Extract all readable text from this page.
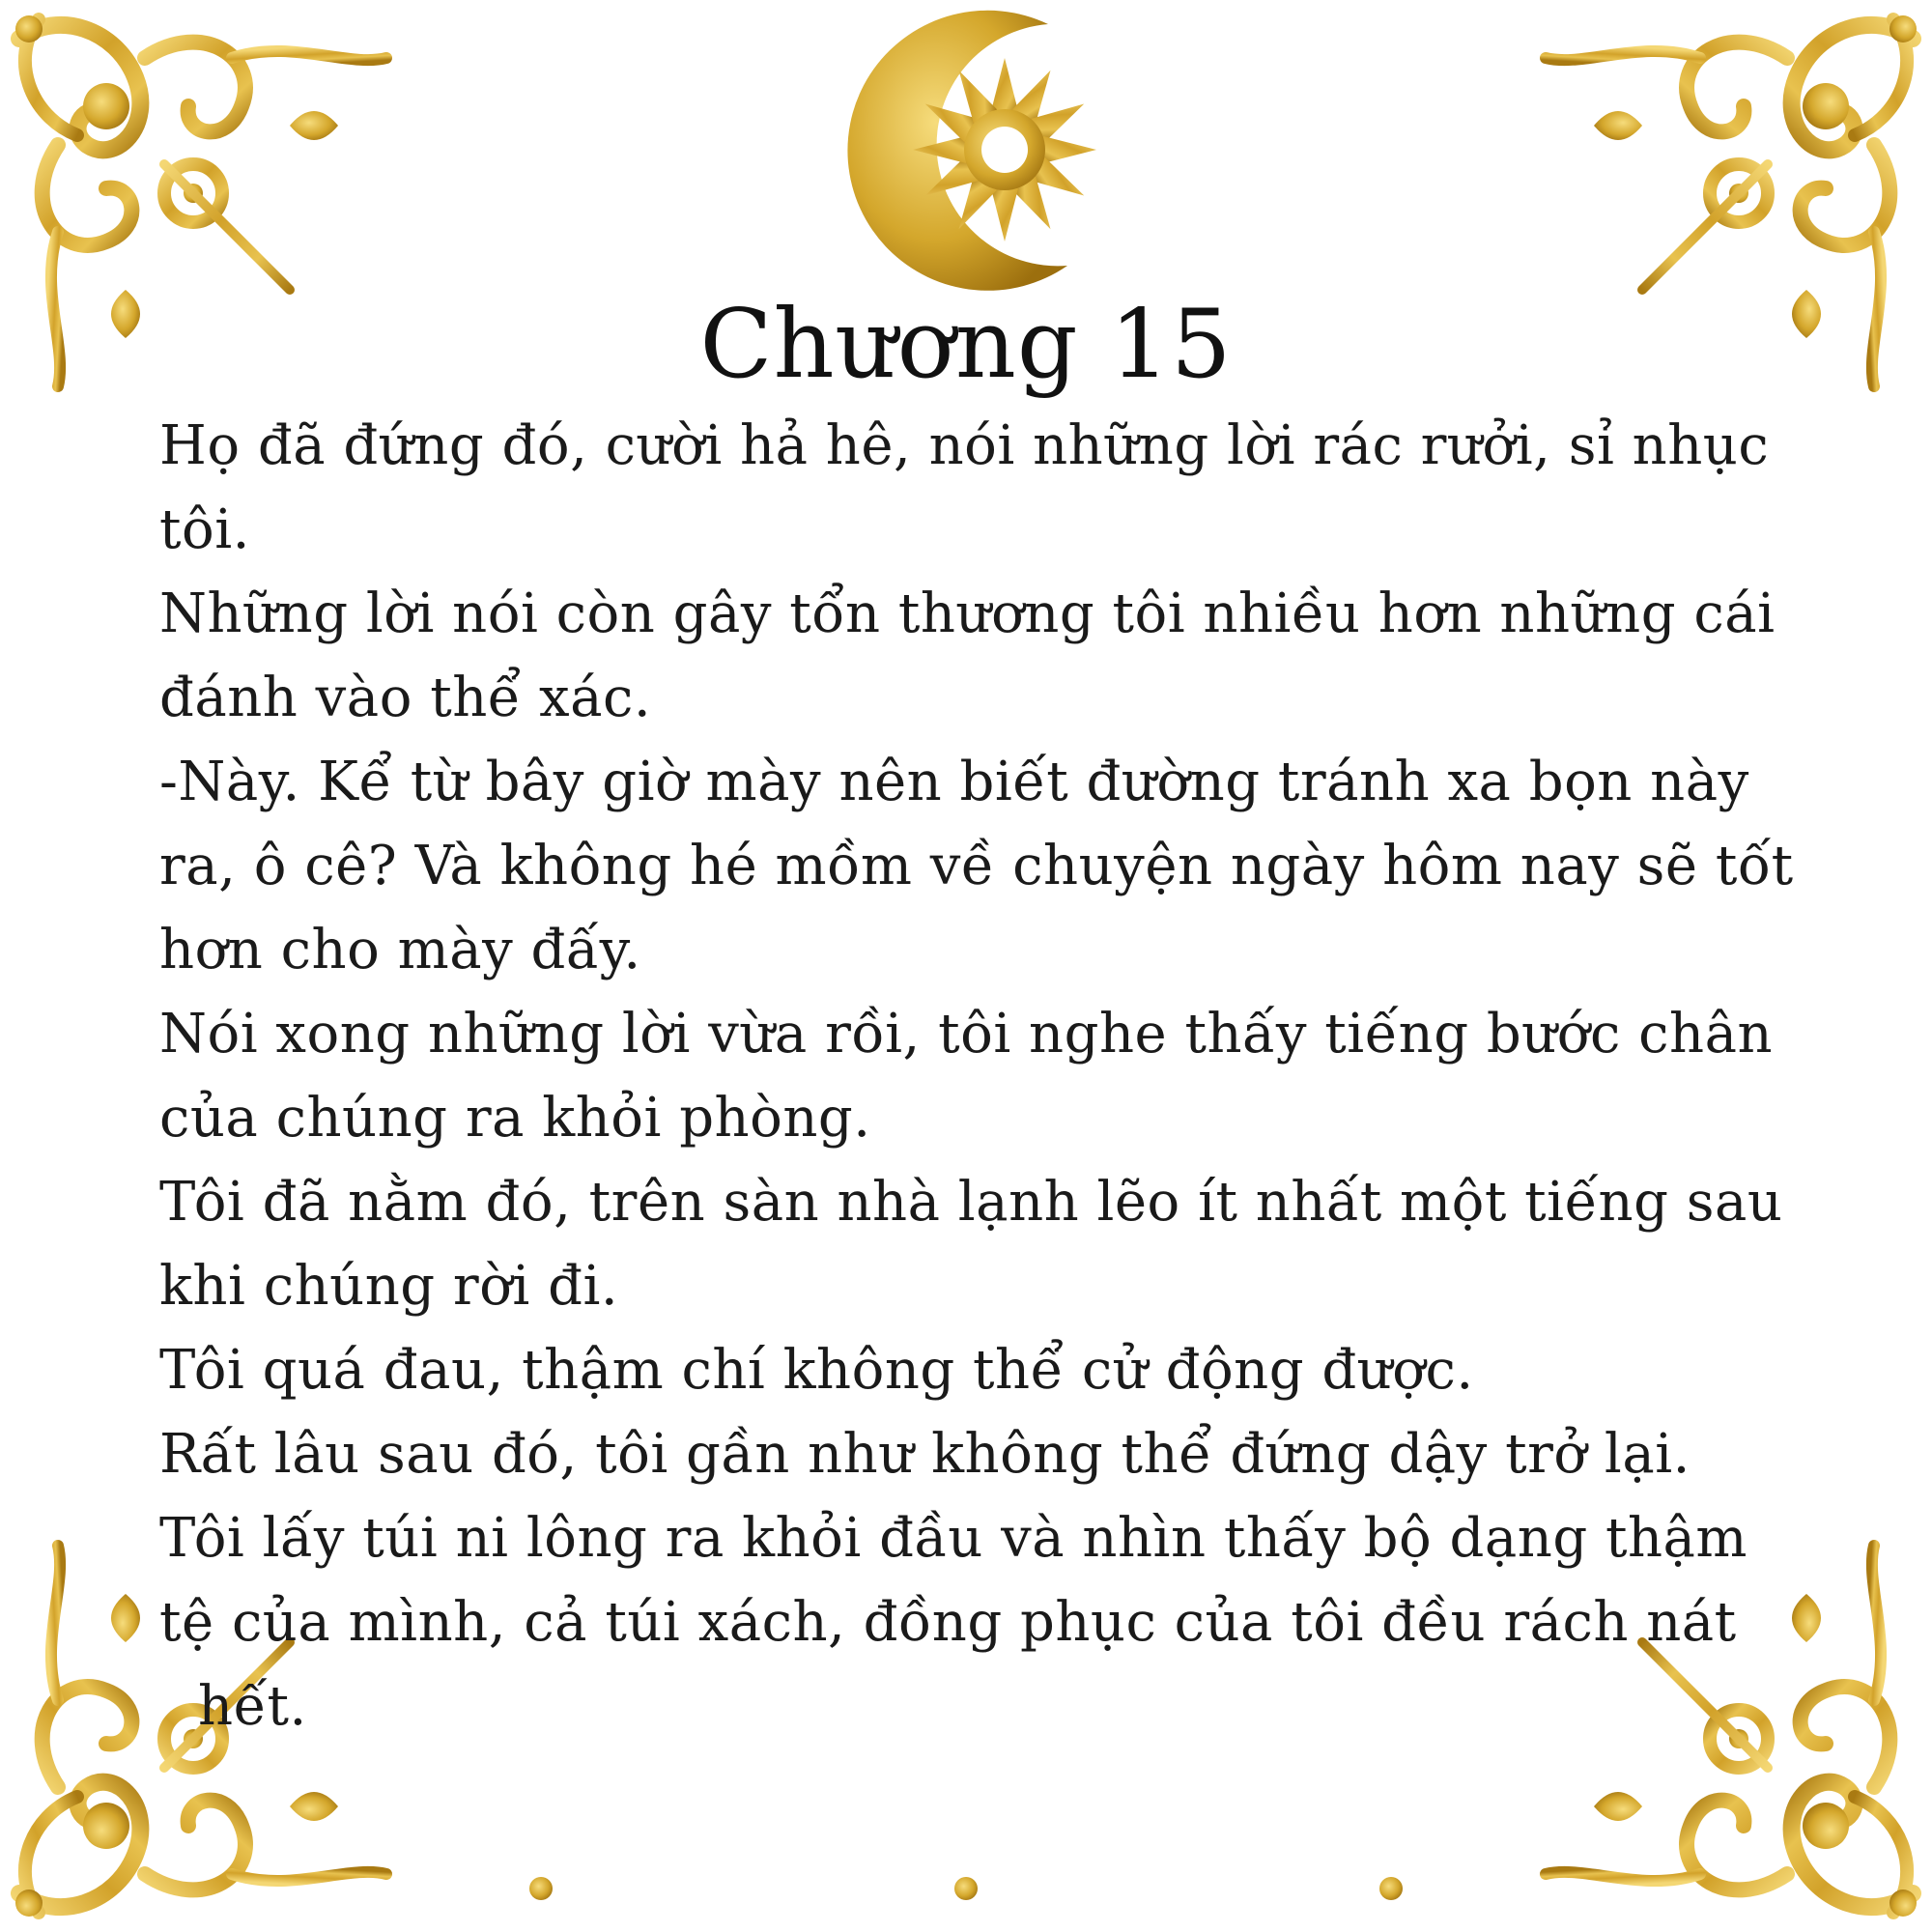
Chương 15

Họ đã đứng đó, cười hả hê, nói những lời rác rưởi, sỉ nhục

tôi.

Những lời nói còn gây tổn thương tôi nhiều hơn những cái

đánh vào thể xác.

-Này. Kể từ bây giờ mày nên biết đường tránh xa bọn này

ra, ô cê? Và không hé mồm về chuyện ngày hôm nay sẽ tốt

hơn cho mày đấy.

Nói xong những lời vừa rồi, tôi nghe thấy tiếng bước chân

của chúng ra khỏi phòng.

Tôi đã nằm đó, trên sàn nhà lạnh lẽo ít nhất một tiếng sau

khi chúng rời đi.

Tôi quá đau, thậm chí không thể cử động được.

Rất lâu sau đó, tôi gần như không thể đứng dậy trở lại.

Tôi lấy túi ni lông ra khỏi đầu và nhìn thấy bộ dạng thậm

tệ của mình, cả túi xách, đồng phục của tôi đều rách nát

hết.
